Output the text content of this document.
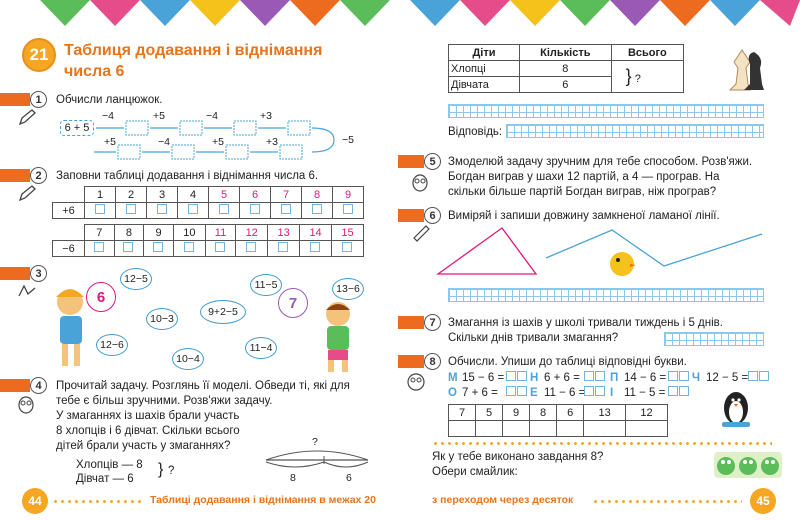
21 Таблиця додавання і віднімання
числа 6
1	Обчисли ланцюжок.
6 + 5
−4	+5	−4	+3
+5	−4	+5	+3	−5
2	Заповни таблиці додавання і віднімання числа 6.
	1	2	3	4	5	6	7	8	9
+6									
	7	8	9	10	11	12	13	14	15
−6									
3
6
12−5
10−3
9+2−5
11−5
7
13−6
12−6
10−4
11−4
4	Прочитай задачу. Розглянь її моделі. Обведи ті, які для
тебе є більш зручними. Розв'яжи задачу.
У змаганнях із шахів брали участь
8 хлопців і 6 дівчат. Скільки всього
дітей брали участь у змаганнях?
Хлопців — 8
Дівчат — 6
} ?
?
8	6
44	Таблиці додавання і віднімання в межах 20
Діти	Кількість	Всього
Хлопці	8	} ?
Дівчата	6	
Відповідь:
5	Змоделюй задачу зручним для тебе способом. Розв'яжи.
Богдан виграв у шахи 12 партій, а 4 — програв. На
скільки більше партій Богдан виграв, ніж програв?
6	Виміряй і запиши довжину замкненої ламаної лінії.
7	Змагання із шахів у школі тривали тиждень і 5 днів.
Скільки днів тривали змагання?
8	Обчисли. Упиши до таблиці відповідні букви.
М 15 − 6 = Н 6 + 6 =	П 14 − 6 = Ч 12 − 5 =
О 7 + 6 =	Е 11 − 6 = І 11 − 5 =
7	5	9	8	6	13	12

Як у тебе виконано завдання 8?
Обери смайлик:
з переходом через десяток	45
